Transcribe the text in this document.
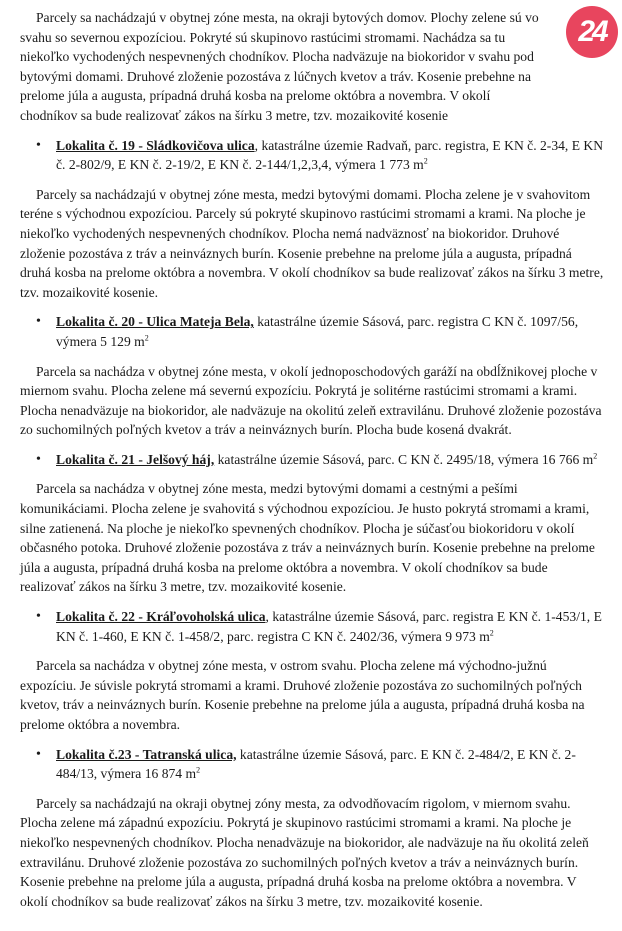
Parcely sa nachádzajú v obytnej zóne mesta, na okraji bytových domov. Plochy zelene sú vo svahu so severnou expozíciou. Pokryté sú skupinovo rastúcimi stromami. Nachádza sa tu niekoľko vychodených nespevnených chodníkov. Plocha nadväzuje na biokoridor v svahu pod bytovými domami. Druhové zloženie pozostáva z lúčnych kvetov a tráv. Kosenie prebehne na prelome júla a augusta, prípadná druhá kosba na prelome októbra a novembra. V okolí chodníkov sa bude realizovať zákos na šírku 3 metre, tzv. mozaikovité kosenie

• Lokalita č. 19 - Sládkovičova ulica, katastrálne územie Radvaň, parc. registra, E KN č. 2-34, E KN č. 2-802/9, E KN č. 2-19/2, E KN č. 2-144/1,2,3,4, výmera 1 773 $m^2$

Parcely sa nachádzajú v obytnej zóne mesta, medzi bytovými domami. Plocha zelene je v svahovitom teréne s východnou expozíciou. Parcely sú pokryté skupinovo rastúcimi stromami a krami. Na ploche je niekoľko vychodených nespevnených chodníkov. Plocha nemá nadväznosť na biokoridor. Druhové zloženie pozostáva z tráv a neinváznych burín. Kosenie prebehne na prelome júla a augusta, prípadná druhá kosba na prelome októbra a novembra. V okolí chodníkov sa bude realizovať zákos na šírku 3 metre, tzv. mozaikovité kosenie.

• Lokalita č. 20 - Ulica Mateja Bela, katastrálne územie Sásová, parc. registra C KN č. 1097/56, výmera 5 129 $m^2$

Parcela sa nachádza v obytnej zóne mesta, v okolí jednoposchodových garáží na obdĺžnikovej ploche v miernom svahu. Plocha zelene má severnú expozíciu. Pokrytá je solitérne rastúcimi stromami a krami. Plocha nenadväzuje na biokoridor, ale nadväzuje na okolitú zeleň extravilánu. Druhové zloženie pozostáva zo suchomilných poľných kvetov a tráv a neinváznych burín. Plocha bude kosená dvakrát.

• Lokalita č. 21 - Jelšový háj, katastrálne územie Sásová, parc. C KN č. 2495/18, výmera 16 766 $m^2$

Parcela sa nachádza v obytnej zóne mesta, medzi bytovými domami a cestnými a pešími komunikáciami. Plocha zelene je svahovitá s východnou expozíciou. Je husto pokrytá stromami a krami, silne zatienená. Na ploche je niekoľko spevnených chodníkov. Plocha je súčasťou biokoridoru v okolí občasného potoka. Druhové zloženie pozostáva z tráv a neinváznych burín. Kosenie prebehne na prelome júla a augusta, prípadná druhá kosba na prelome októbra a novembra. V okolí chodníkov sa bude realizovať zákos na šírku 3 metre, tzv. mozaikovité kosenie.

• Lokalita č. 22 - Kráľovoholská ulica, katastrálne územie Sásová, parc. registra E KN č. 1-453/1, E KN č. 1-460, E KN č. 1-458/2, parc. registra C KN č. 2402/36, výmera 9 973 $m^2$

Parcela sa nachádza v obytnej zóne mesta, v ostrom svahu. Plocha zelene má východno-južnú expozíciu. Je súvisle pokrytá stromami a krami. Druhové zloženie pozostáva zo suchomilných poľných kvetov, tráv a neinváznych burín. Kosenie prebehne na prelome júla a augusta, prípadná druhá kosba na prelome októbra a novembra.

• Lokalita č.23 - Tatranská ulica, katastrálne územie Sásová, parc. E KN č. 2-484/2, E KN č. 2-484/13, výmera 16 874 $m^2$

Parcely sa nachádzajú na okraji obytnej zóny mesta, za odvodňovacím rigolom, v miernom svahu. Plocha zelene má západnú expozíciu. Pokrytá je skupinovo rastúcimi stromami a krami. Na ploche je niekoľko nespevnených chodníkov. Plocha nenadväzuje na biokoridor, ale nadväzuje na ňu okolitá zeleň extravilánu. Druhové zloženie pozostáva zo suchomilných poľných kvetov a tráv a neinváznych burín. Kosenie prebehne na prelome júla a augusta, prípadná druhá kosba na prelome októbra a novembra. V okolí chodníkov sa bude realizovať zákos na šírku 3 metre, tzv. mozaikovité kosenie.

24
